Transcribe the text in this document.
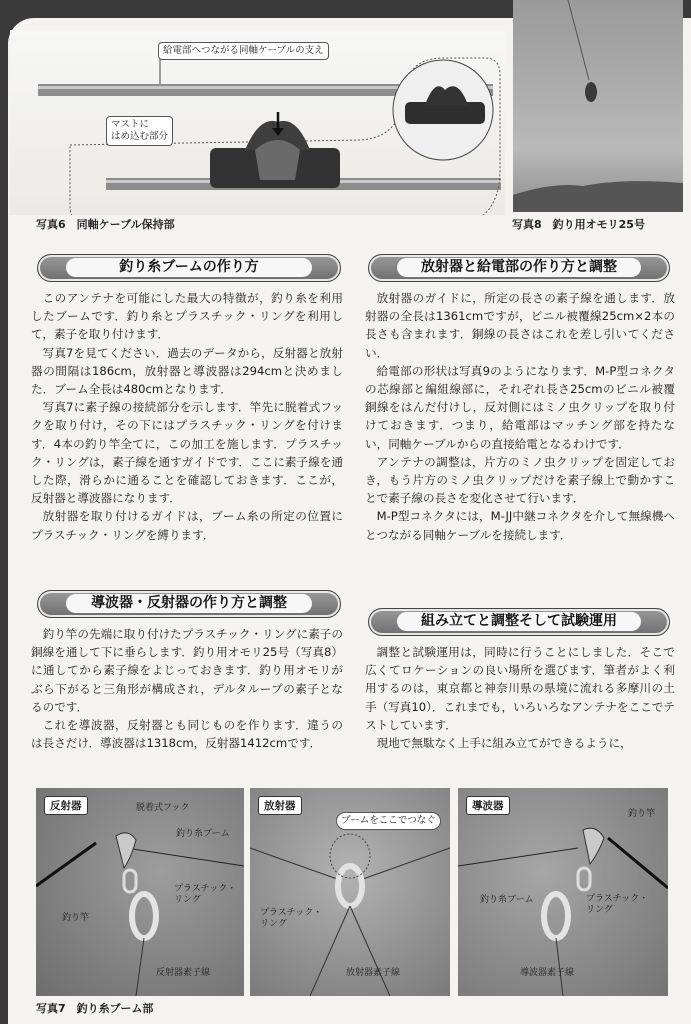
給電部へつながる同軸ケーブルの支え
マストに
はめ込む部分
写真6　同軸ケーブル保持部	写真8　釣り用オモリ25号
釣り糸ブームの作り方

このアンテナを可能にした最大の特徴が，釣り糸を利用したブームです．釣り糸とプラスチック・リングを利用して，素子を取り付けます．

写真7を見てください．過去のデータから，反射器と放射器の間隔は186cm，放射器と導波器は294cmと決めました．ブーム全長は480cmとなります．

写真7に素子線の接続部分を示します．竿先に脱着式フックを取り付け，その下にはプラスチック・リングを付けます．4本の釣り竿全てに，この加工を施します．プラスチック・リングは，素子線を通すガイドです．ここに素子線を通した際，滑らかに通ることを確認しておきます．ここが，反射器と導波器になります．

放射器を取り付けるガイドは，ブーム糸の所定の位置にプラスチック・リングを縛ります．

導波器・反射器の作り方と調整

釣り竿の先端に取り付けたプラスチック・リングに素子の銅線を通して下に垂らします．釣り用オモリ25号（写真8）に通してから素子線をよじっておきます．釣り用オモリがぶら下がると三角形が構成され，デルタループの素子となるのです．

これを導波器，反射器とも同じものを作ります．違うのは長さだけ．導波器は1318cm，反射器1412cmです．

放射器と給電部の作り方と調整

放射器のガイドに，所定の長さの素子線を通します．放射器の全長は1361cmですが，ビニル被覆線25cm×2本の長さも含まれます．銅線の長さはこれを差し引いてください．

給電部の形状は写真9のようになります．M-P型コネクタの芯線部と編組線部に，それぞれ長さ25cmのビニル被覆銅線をはんだ付けし，反対側にはミノ虫クリップを取り付けておきます．つまり，給電部はマッチング部を持たない，同軸ケーブルからの直接給電となるわけです．

アンテナの調整は，片方のミノ虫クリップを固定しておき，もう片方のミノ虫クリップだけを素子線上で動かすことで素子線の長さを変化させて行います．

M-P型コネクタには，M-JJ中継コネクタを介して無線機へとつながる同軸ケーブルを接続します．

組み立てと調整そして試験運用

調整と試験運用は，同時に行うことにしました．そこで広くてロケーションの良い場所を選びます．筆者がよく利用するのは，東京都と神奈川県の県境に流れる多摩川の土手（写真10）．これまでも，いろいろなアンテナをここでテストしています．

現地で無駄なく上手に組み立てができるように，

反射器	脱着式フック
釣り糸ブーム
プラスチック・
リング
釣り竿
反射器素子線
放射器
ブームをここでつなぐ
プラスチック・
リング
放射器素子線
導波器
釣り竿
釣り糸ブーム	プラスチック・
リング
導波器素子線
写真7　釣り糸ブーム部
